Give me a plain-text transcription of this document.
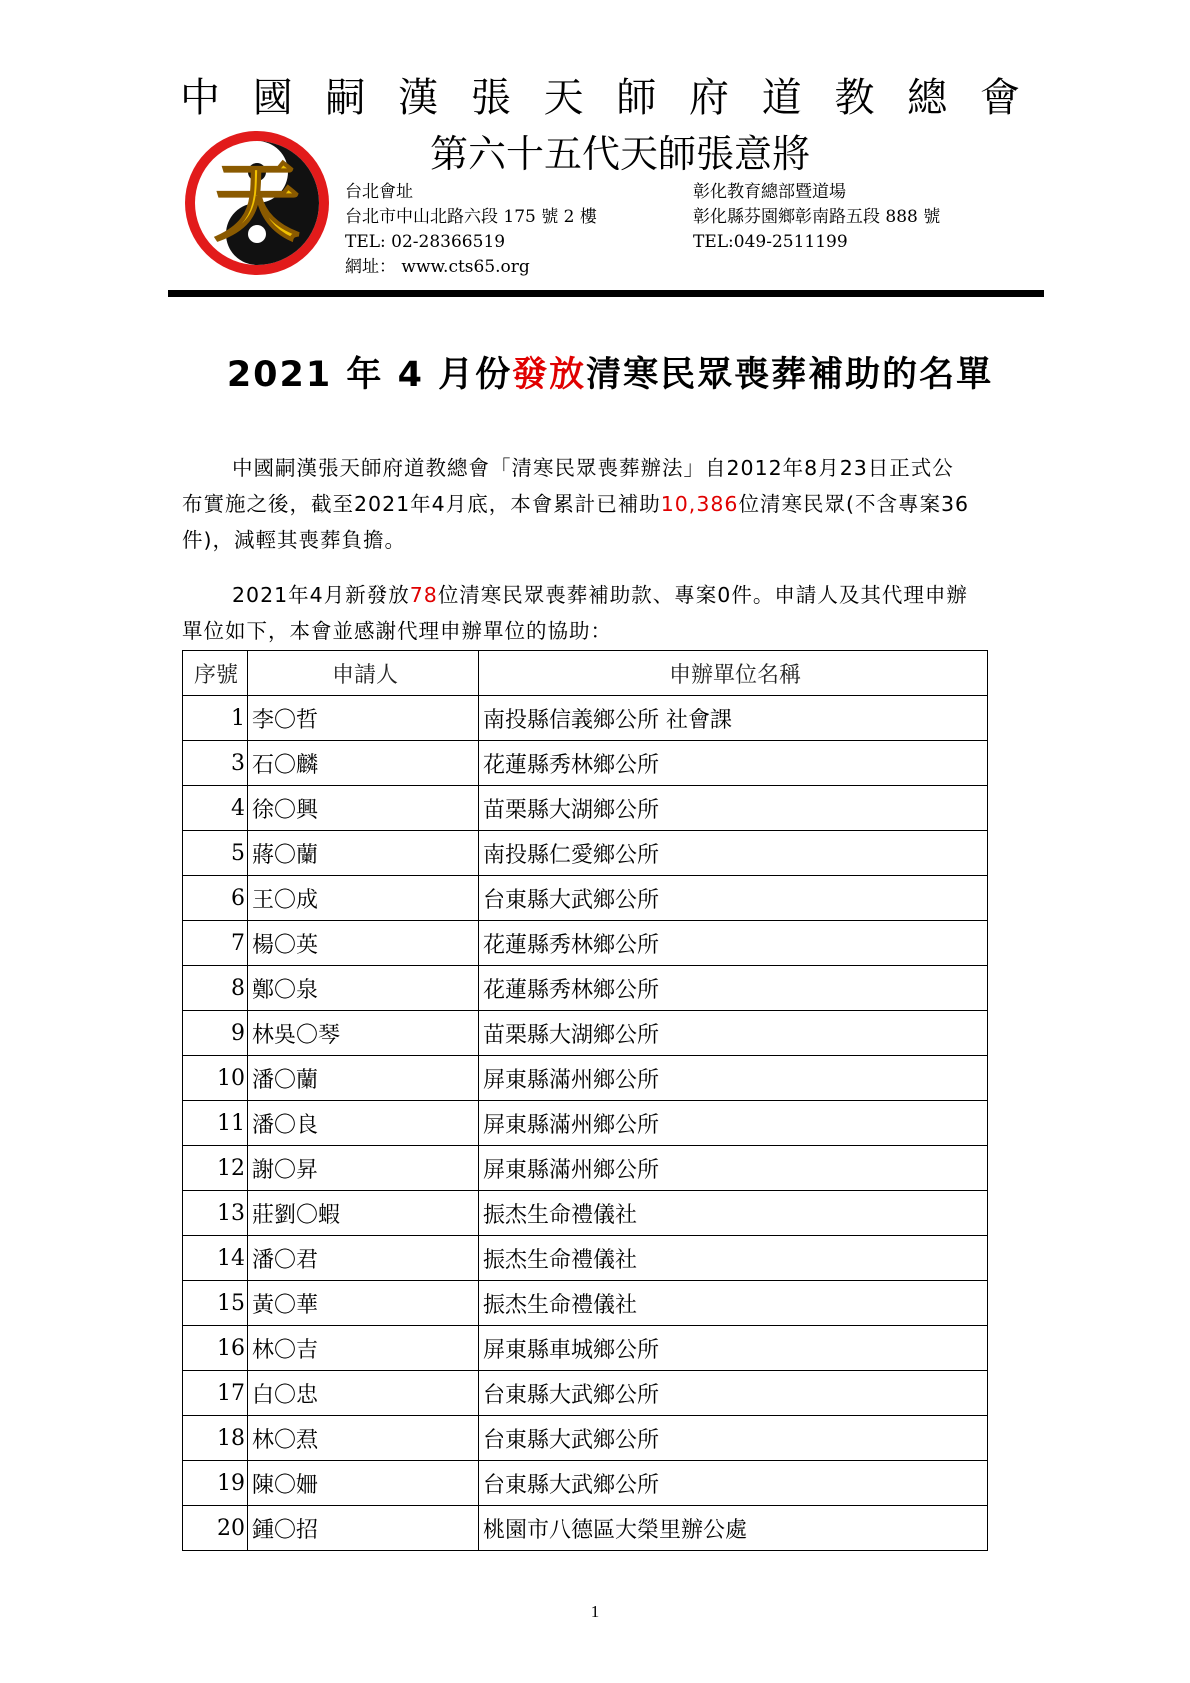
中 國 嗣 漢 張 天 師 府 道 教 總 會
第六十五代天師張意將
天	台北會址
台北市中山北路六段 175 號 2 樓
TEL: 02-28366519
網址： www.cts65.org
彰化教育總部暨道場
彰化縣芬園鄉彰南路五段 888 號
TEL:049-2511199
2021 年 4 月份發放清寒民眾喪葬補助的名單
中國嗣漢張天師府道教總會「清寒民眾喪葬辦法」自2012年8月23日正式公
布實施之後，截至2021年4月底，本會累計已補助10,386位清寒民眾(不含專案36
件)，減輕其喪葬負擔。
2021年4月新發放78位清寒民眾喪葬補助款、專案0件。申請人及其代理申辦
單位如下，本會並感謝代理申辦單位的協助：
序號	申請人	申辦單位名稱
1	李〇哲	南投縣信義鄉公所 社會課
3	石〇麟	花蓮縣秀林鄉公所
4	徐〇興	苗栗縣大湖鄉公所
5	蔣〇蘭	南投縣仁愛鄉公所
6	王〇成	台東縣大武鄉公所
7	楊〇英	花蓮縣秀林鄉公所
8	鄭〇泉	花蓮縣秀林鄉公所
9	林吳〇琴	苗栗縣大湖鄉公所
10	潘〇蘭	屏東縣滿州鄉公所
11	潘〇良	屏東縣滿州鄉公所
12	謝〇昇	屏東縣滿州鄉公所
13	莊劉〇蝦	振杰生命禮儀社
14	潘〇君	振杰生命禮儀社
15	黃〇華	振杰生命禮儀社
16	林〇吉	屏東縣車城鄉公所
17	白〇忠	台東縣大武鄉公所
18	林〇焄	台東縣大武鄉公所
19	陳〇姍	台東縣大武鄉公所
20	鍾〇招	桃園市八德區大榮里辦公處
1
